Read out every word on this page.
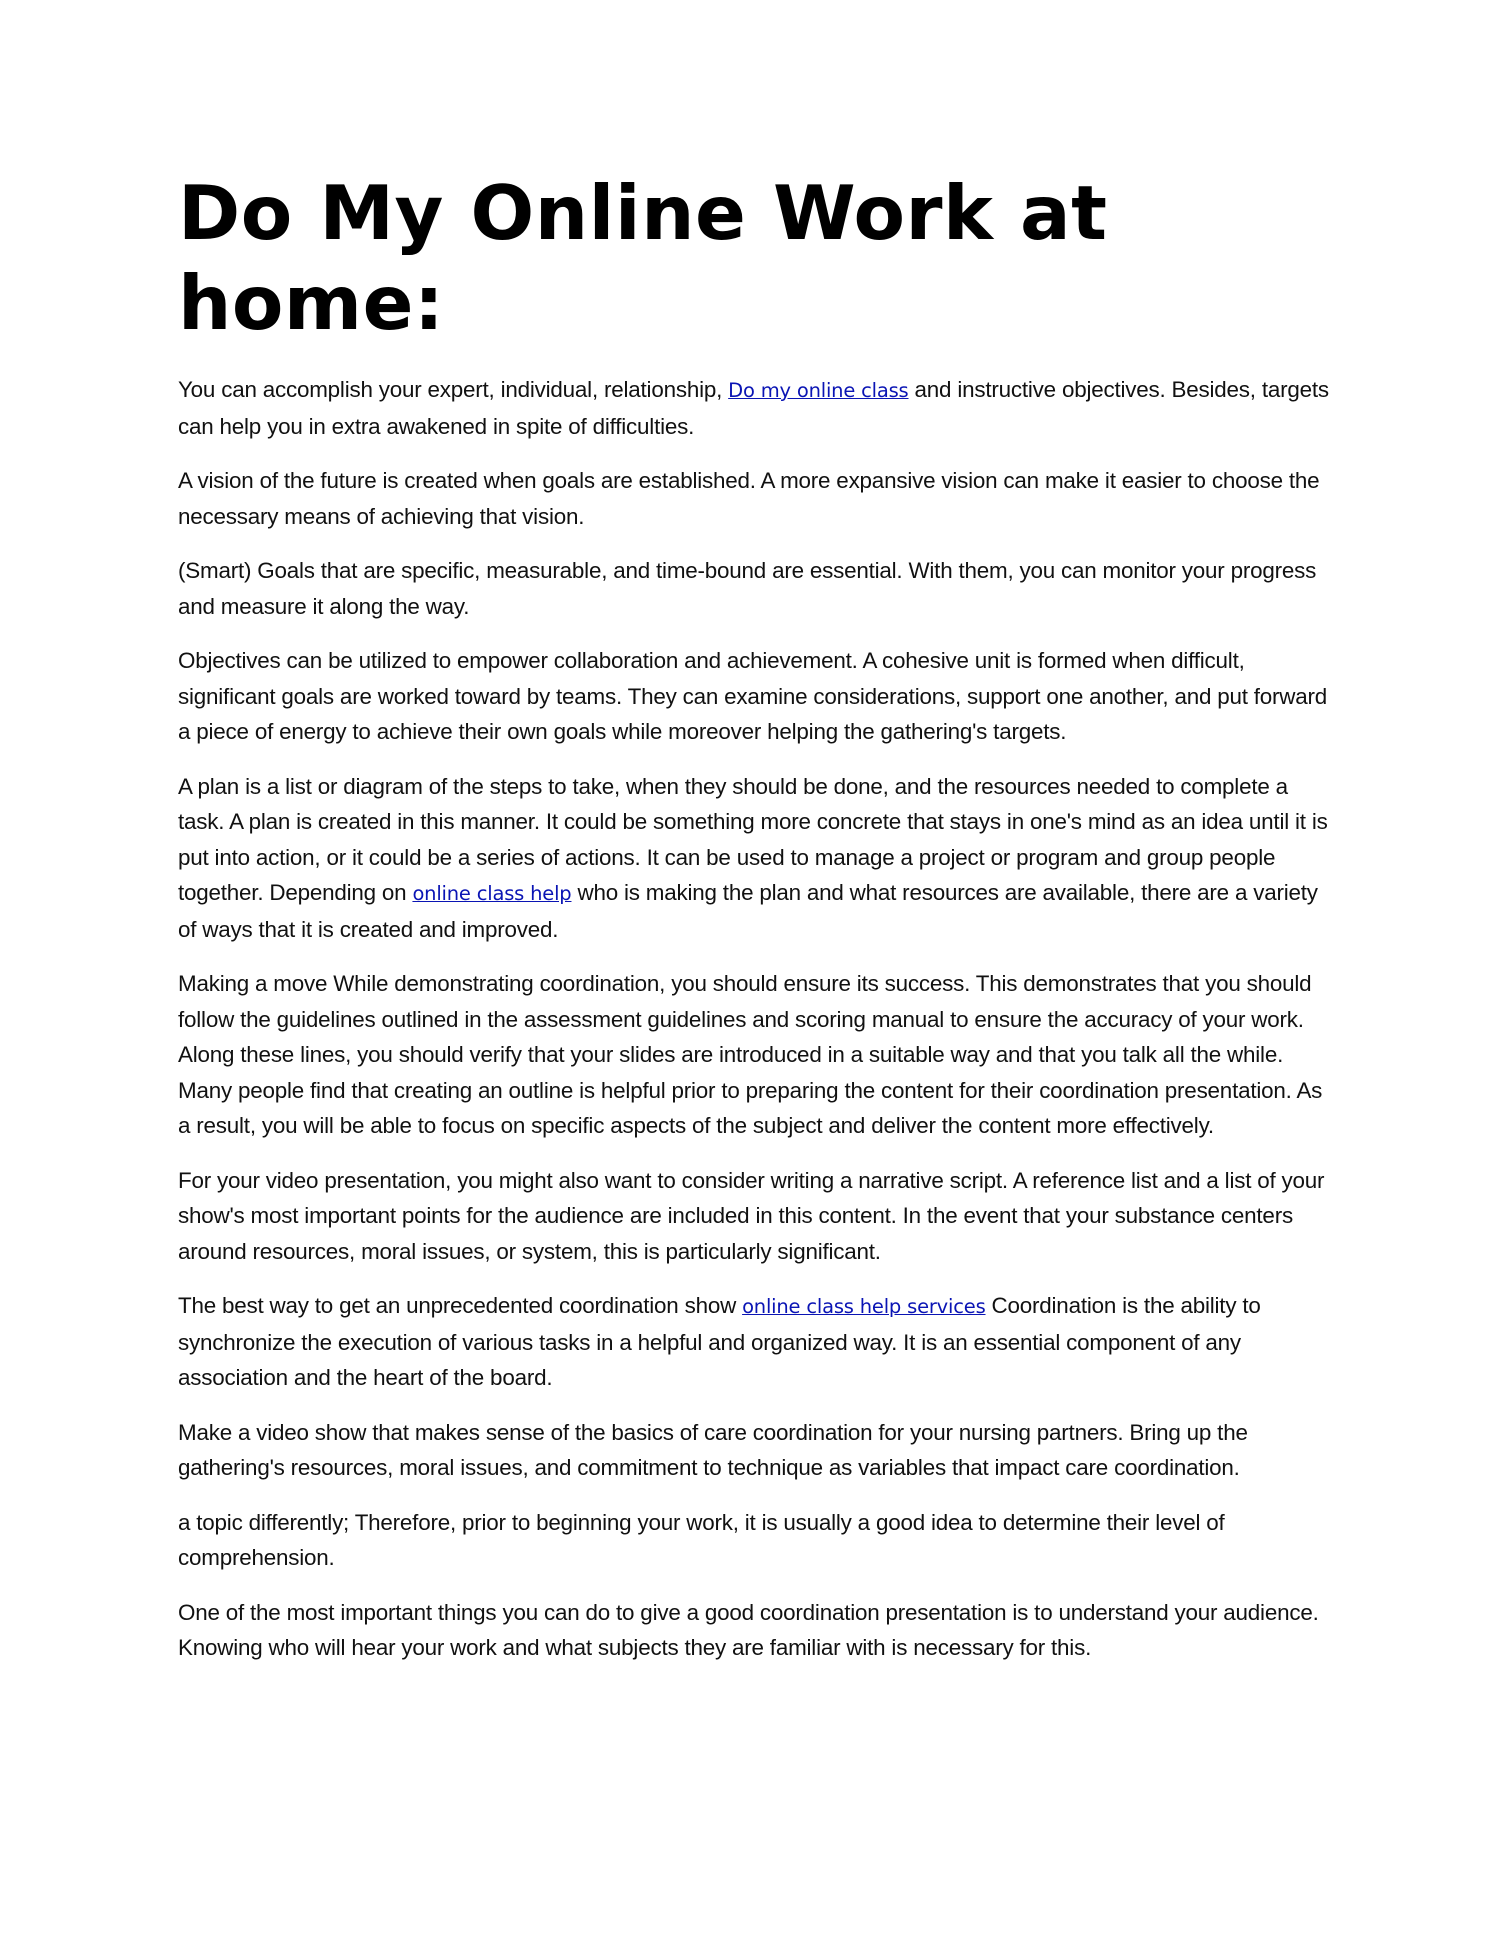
Do My Online Work at home:

You can accomplish your expert, individual, relationship, Do my online class and instructive objectives. Besides, targets can help you in extra awakened in spite of difficulties.

A vision of the future is created when goals are established. A more expansive vision can make it easier to choose the necessary means of achieving that vision.

(Smart) Goals that are specific, measurable, and time-bound are essential. With them, you can monitor your progress and measure it along the way.

Objectives can be utilized to empower collaboration and achievement. A cohesive unit is formed when difficult, significant goals are worked toward by teams. They can examine considerations, support one another, and put forward a piece of energy to achieve their own goals while moreover helping the gathering's targets.

A plan is a list or diagram of the steps to take, when they should be done, and the resources needed to complete a task. A plan is created in this manner. It could be something more concrete that stays in one's mind as an idea until it is put into action, or it could be a series of actions. It can be used to manage a project or program and group people together. Depending on online class help who is making the plan and what resources are available, there are a variety of ways that it is created and improved.

Making a move While demonstrating coordination, you should ensure its success. This demonstrates that you should follow the guidelines outlined in the assessment guidelines and scoring manual to ensure the accuracy of your work. Along these lines, you should verify that your slides are introduced in a suitable way and that you talk all the while. Many people find that creating an outline is helpful prior to preparing the content for their coordination presentation. As a result, you will be able to focus on specific aspects of the subject and deliver the content more effectively.

For your video presentation, you might also want to consider writing a narrative script. A reference list and a list of your show's most important points for the audience are included in this content. In the event that your substance centers around resources, moral issues, or system, this is particularly significant.

The best way to get an unprecedented coordination show online class help services Coordination is the ability to synchronize the execution of various tasks in a helpful and organized way. It is an essential component of any association and the heart of the board.

Make a video show that makes sense of the basics of care coordination for your nursing partners. Bring up the gathering's resources, moral issues, and commitment to technique as variables that impact care coordination.

a topic differently; Therefore, prior to beginning your work, it is usually a good idea to determine their level of comprehension.

One of the most important things you can do to give a good coordination presentation is to understand your audience. Knowing who will hear your work and what subjects they are familiar with is necessary for this.
